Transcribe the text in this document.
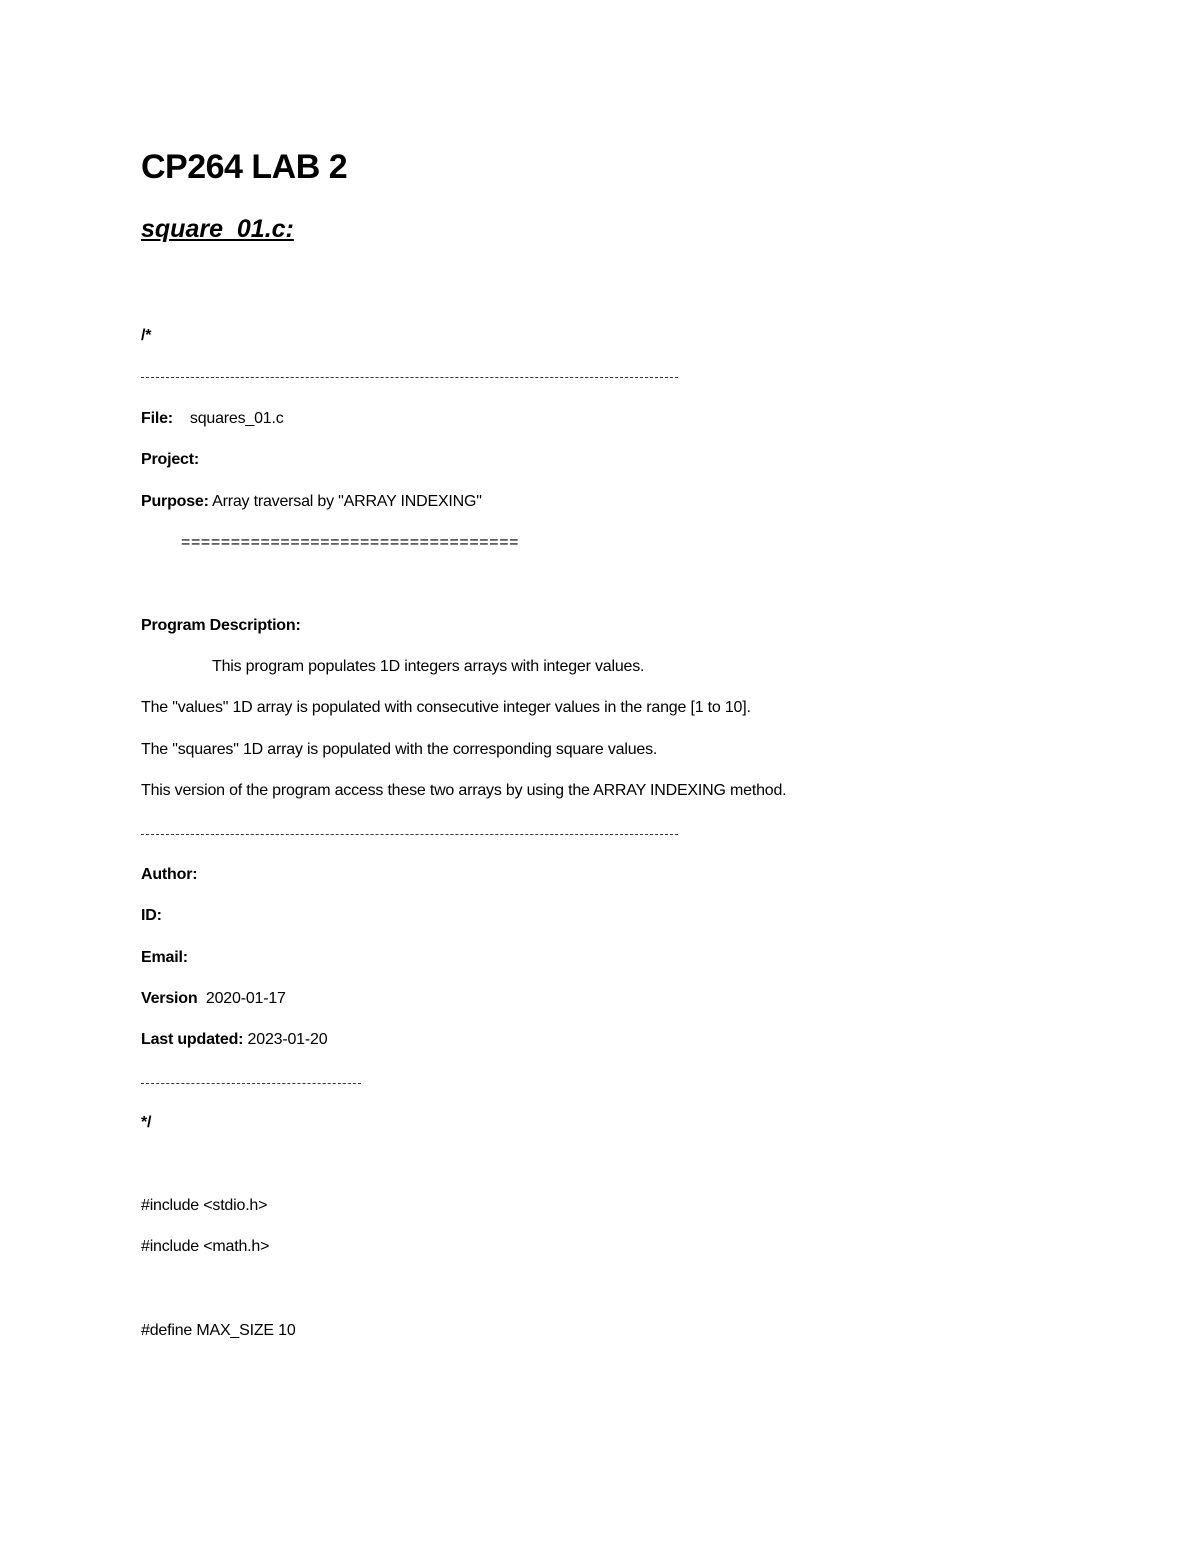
CP264 LAB 2
square_01.c:
/*
File: squares_01.c
Project:
Purpose: Array traversal by "ARRAY INDEXING"
==================================
Program Description:
This program populates 1D integers arrays with integer values.
The "values" 1D array is populated with consecutive integer values in the range [1 to 10].
The "squares" 1D array is populated with the corresponding square values.
This version of the program access these two arrays by using the ARRAY INDEXING method.
Author:
ID:
Email:
Version 2020-01-17
Last updated: 2023-01-20
*/
#include <stdio.h>
#include <math.h>
#define MAX_SIZE 10
